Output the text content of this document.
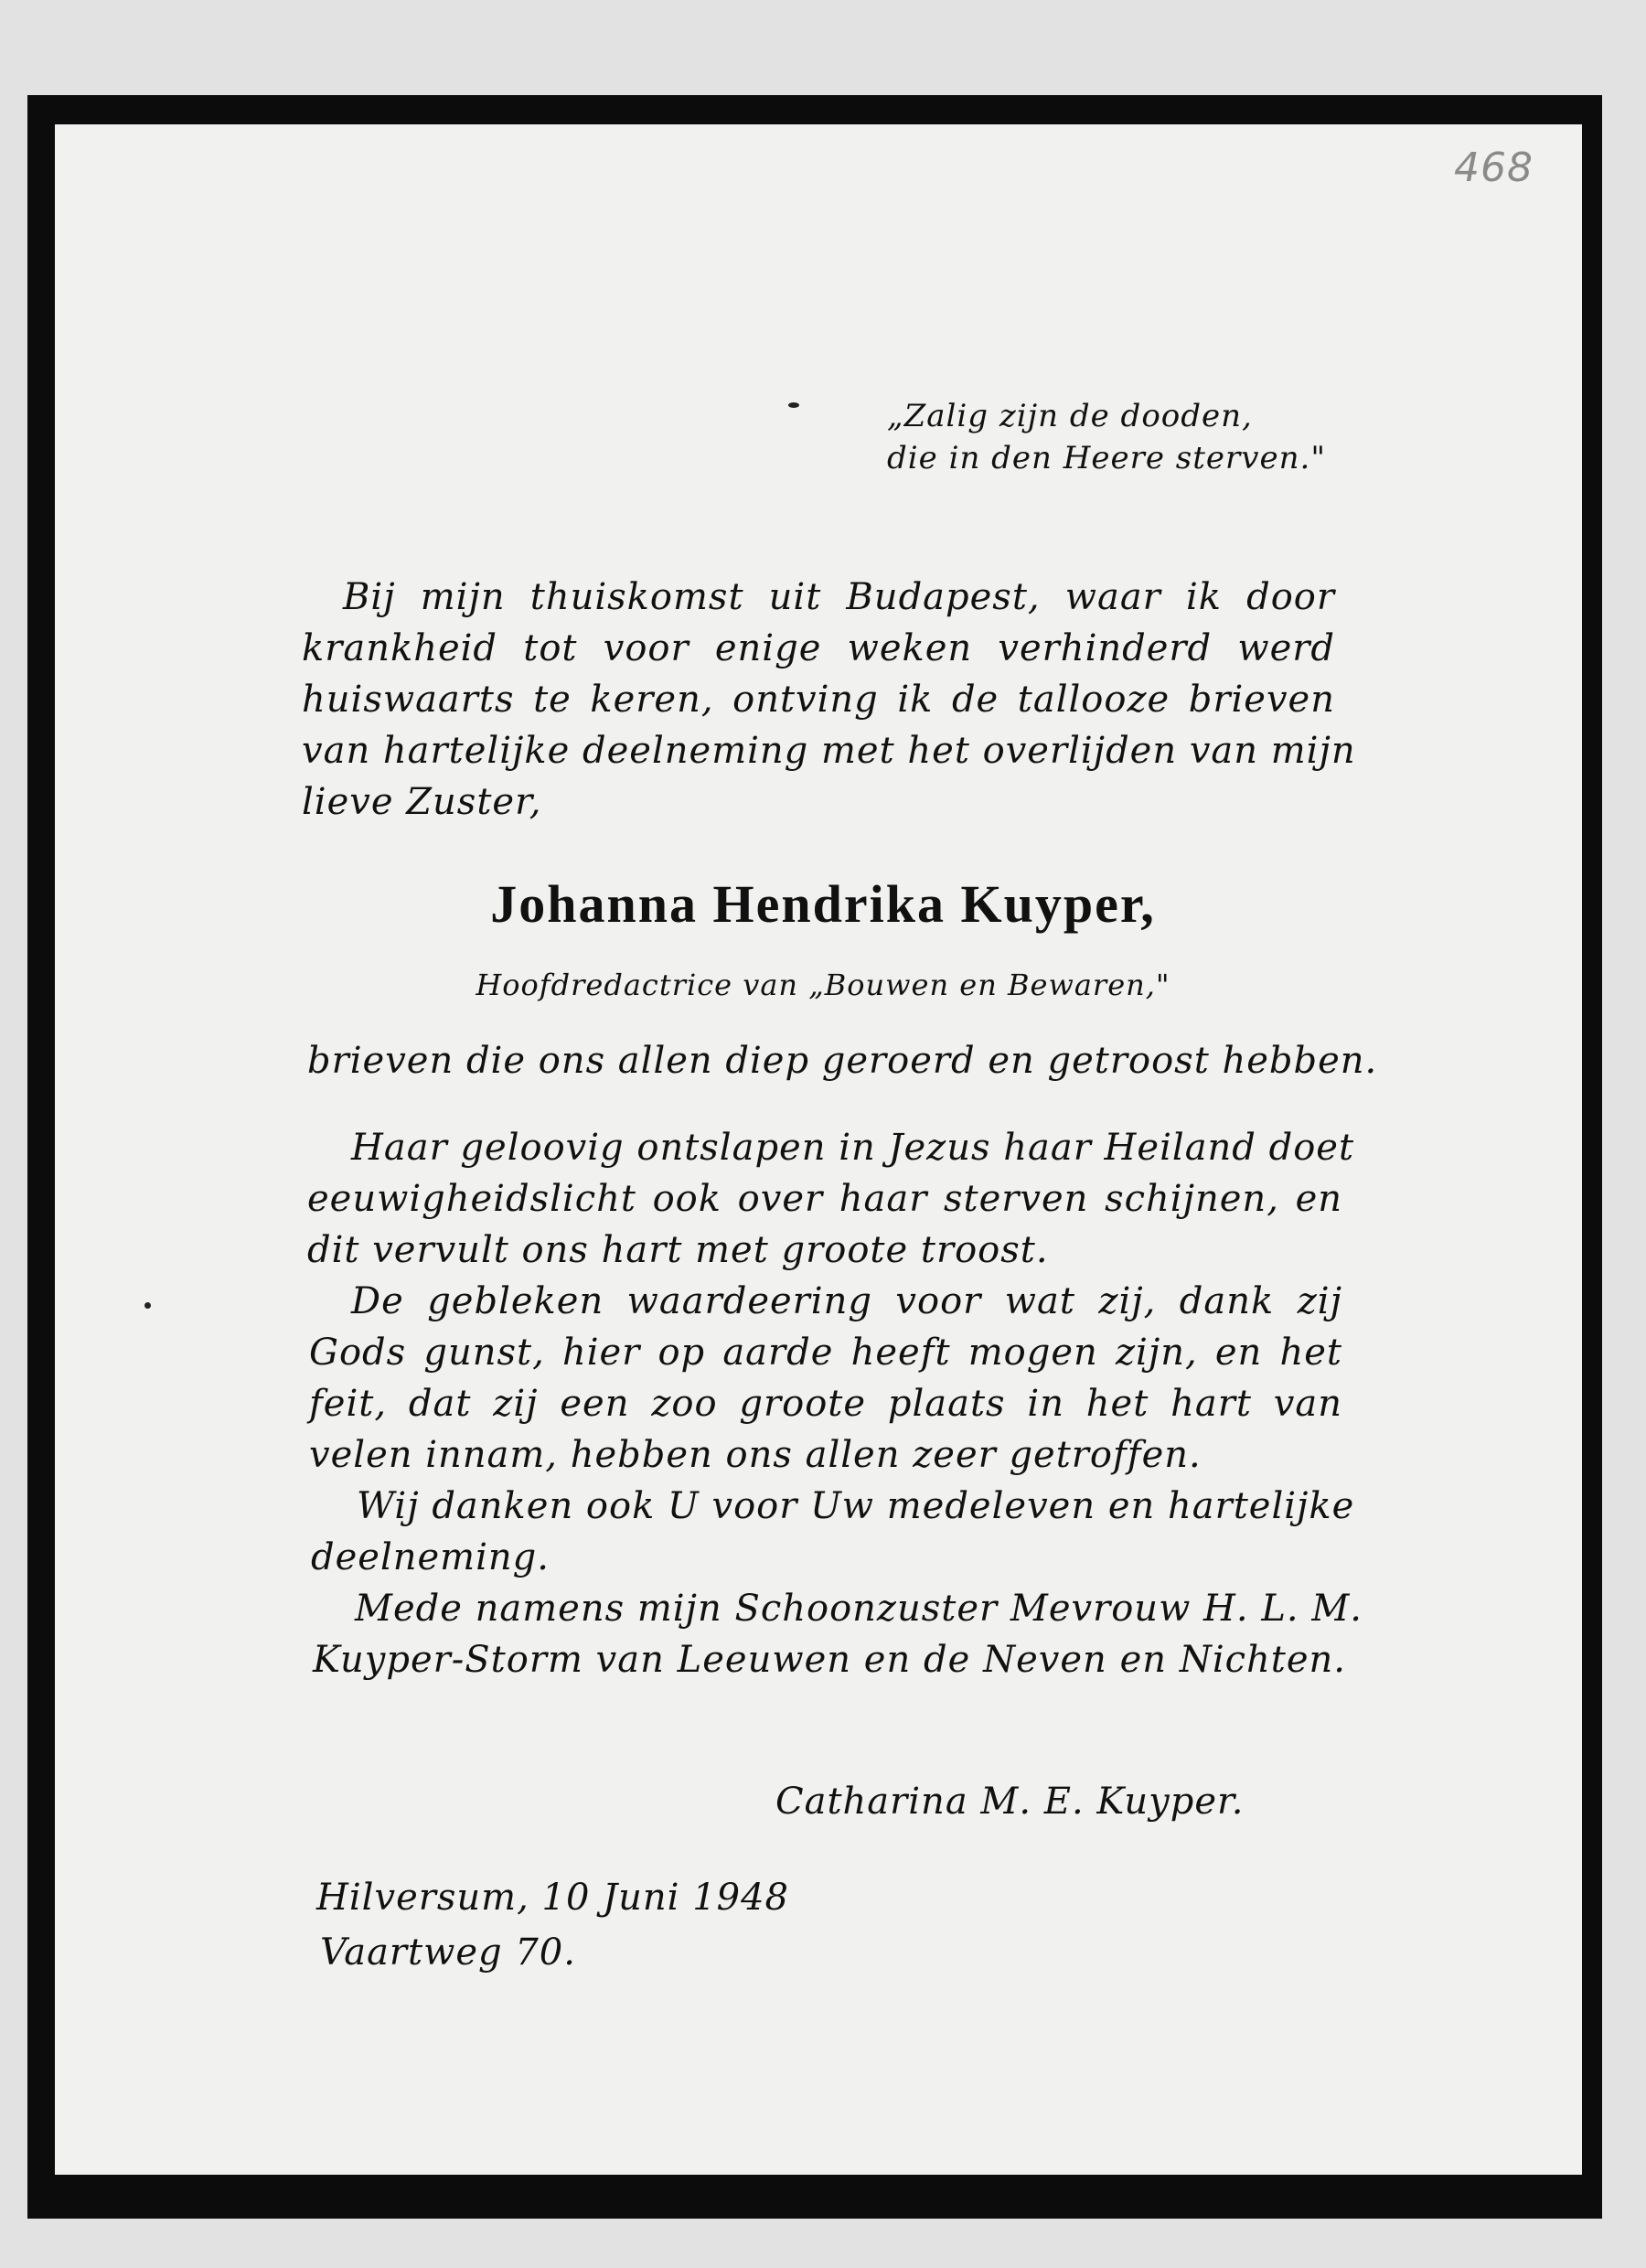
468
„Zalig zijn de dooden,
die in den Heere sterven."
Bij mijn thuiskomst uit Budapest, waar ik door
krankheid tot voor enige weken verhinderd werd
huiswaarts te keren, ontving ik de tallooze brieven
van hartelijke deelneming met het overlijden van mijn
lieve Zuster,
Johanna Hendrika Kuyper,
Hoofdredactrice van „Bouwen en Bewaren,"
brieven die ons allen diep geroerd en getroost hebben.
Haar geloovig ontslapen in Jezus haar Heiland doet
eeuwigheidslicht ook over haar sterven schijnen, en
dit vervult ons hart met groote troost.
De gebleken waardeering voor wat zij, dank zij
Gods gunst, hier op aarde heeft mogen zijn, en het
feit, dat zij een zoo groote plaats in het hart van
velen innam, hebben ons allen zeer getroffen.
Wij danken ook U voor Uw medeleven en hartelijke
deelneming.
Mede namens mijn Schoonzuster Mevrouw H. L. M.
Kuyper-Storm van Leeuwen en de Neven en Nichten.
Catharina M. E. Kuyper.
Hilversum, 10 Juni 1948
Vaartweg 70.
